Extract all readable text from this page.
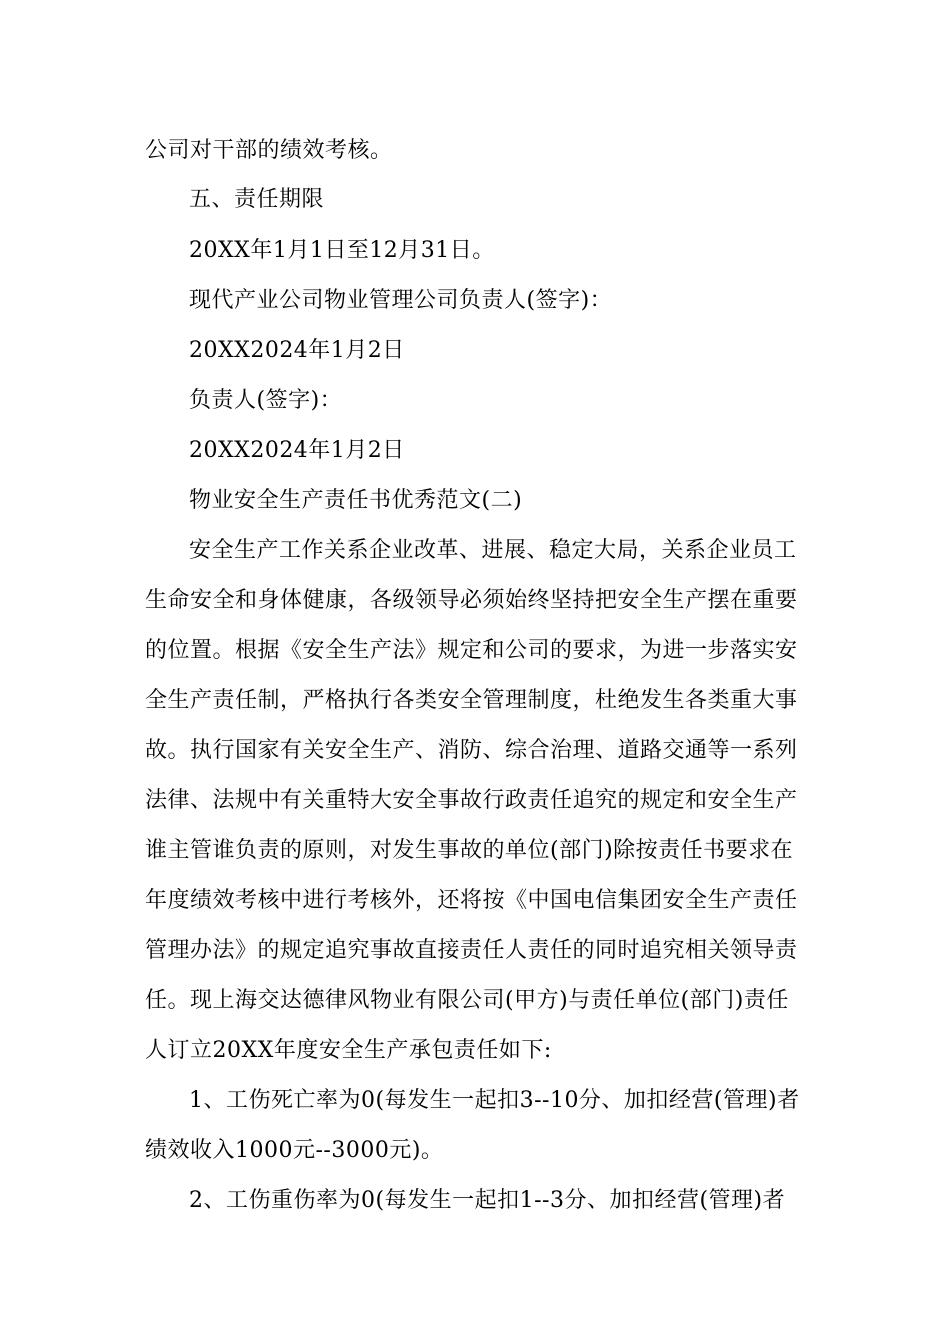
公司对干部的绩效考核。
五、责任期限
20XX年1月1日至12月31日。
现代产业公司物业管理公司负责人(签字)：
20XX2024年1月2日
负责人(签字)：
20XX2024年1月2日
物业安全生产责任书优秀范文(二)
安全生产工作关系企业改革、进展、稳定大局，关系企业员工
生命安全和身体健康，各级领导必须始终坚持把安全生产摆在重要
的位置。根据《安全生产法》规定和公司的要求，为进一步落实安
全生产责任制，严格执行各类安全管理制度，杜绝发生各类重大事
故。执行国家有关安全生产、消防、综合治理、道路交通等一系列
法律、法规中有关重特大安全事故行政责任追究的规定和安全生产
谁主管谁负责的原则，对发生事故的单位(部门)除按责任书要求在
年度绩效考核中进行考核外，还将按《中国电信集团安全生产责任
管理办法》的规定追究事故直接责任人责任的同时追究相关领导责
任。现上海交达德律风物业有限公司(甲方)与责任单位(部门)责任
人订立20XX年度安全生产承包责任如下:
1、工伤死亡率为0(每发生一起扣3--10分、加扣经营(管理)者
绩效收入1000元--3000元)。
2、工伤重伤率为0(每发生一起扣1--3分、加扣经营(管理)者
